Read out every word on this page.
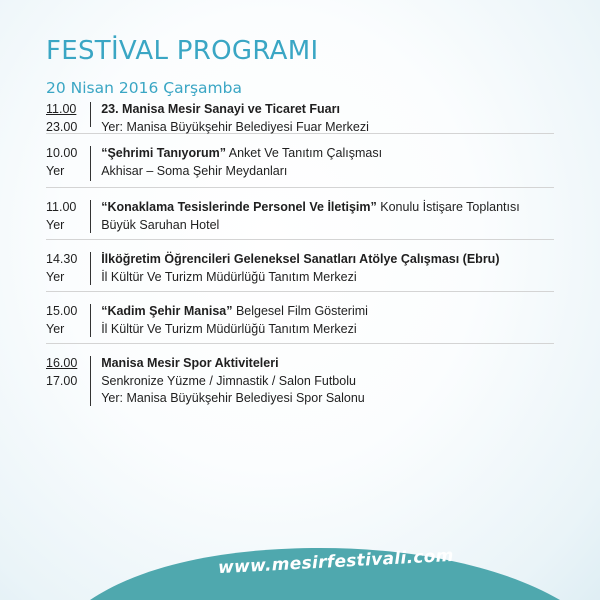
FESTİVAL PROGRAMI
20 Nisan 2016 Çarşamba
11.00
23.00
23. Manisa Mesir Sanayi ve Ticaret Fuarı
Yer: Manisa Büyükşehir Belediyesi Fuar Merkezi
10.00
Yer
“Şehrimi Tanıyorum” Anket Ve Tanıtım Çalışması
Akhisar – Soma Şehir Meydanları
11.00
Yer
“Konaklama Tesislerinde Personel Ve İletişim” Konulu İstişare Toplantısı
Büyük Saruhan Hotel
14.30
Yer
İlköğretim Öğrencileri Geleneksel Sanatları Atölye Çalışması (Ebru)
İl Kültür Ve Turizm Müdürlüğü Tanıtım Merkezi
15.00
Yer
“Kadim Şehir Manisa” Belgesel Film Gösterimi
İl Kültür Ve Turizm Müdürlüğü Tanıtım Merkezi
16.00
17.00
Manisa Mesir Spor Aktiviteleri
Senkronize Yüzme / Jimnastik / Salon Futbolu
Yer: Manisa Büyükşehir Belediyesi Spor Salonu
www.mesirfestivali.com
